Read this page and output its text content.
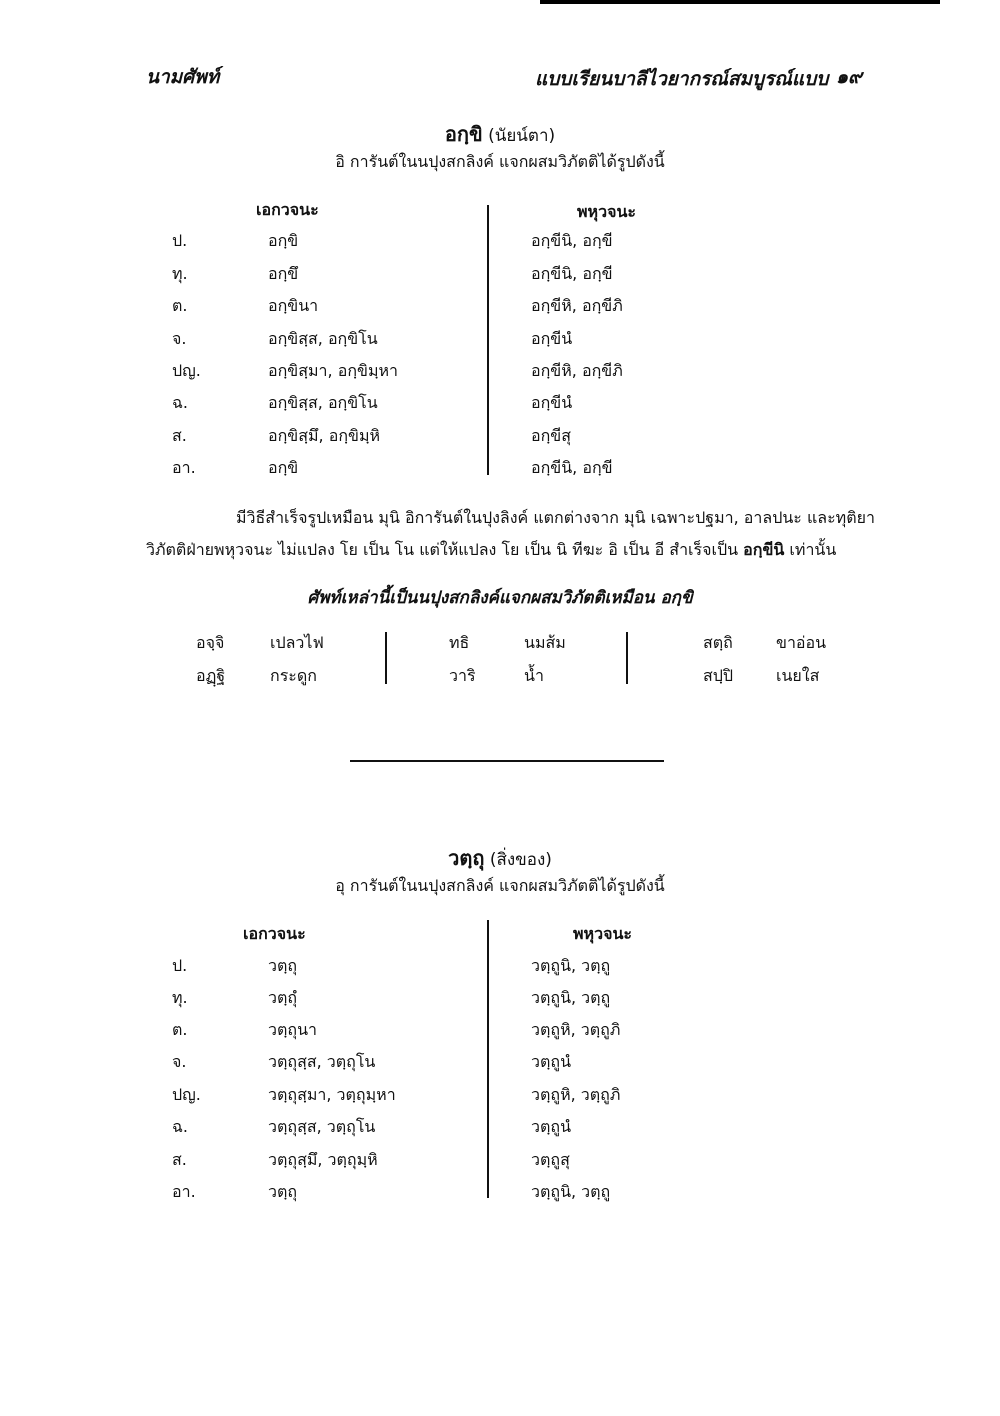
นามศัพท์	แบบเรียนบาลีไวยากรณ์สมบูรณ์แบบ ๑๙
อกฺขิ (นัยน์ตา)
อิ การันต์ในนปุงสกลิงค์ แจกผสมวิภัตติได้รูปดังนี้
เอกวจนะ	พหุวจนะ
ป.	อกฺขิ	อกฺขีนิ, อกฺขี
ทุ.	อกฺขึ	อกฺขีนิ, อกฺขี
ต.	อกฺขินา	อกฺขีหิ, อกฺขีภิ
จ.	อกฺขิสฺส, อกฺขิโน	อกฺขีนํ
ปญ.	อกฺขิสฺมา, อกฺขิมฺหา	อกฺขีหิ, อกฺขีภิ
ฉ.	อกฺขิสฺส, อกฺขิโน	อกฺขีนํ
ส.	อกฺขิสฺมึ, อกฺขิมฺหิ	อกฺขีสุ
อา.	อกฺขิ	อกฺขีนิ, อกฺขี
มีวิธีสำเร็จรูปเหมือน มุนิ อิการันต์ในปุงลิงค์ แตกต่างจาก มุนิ เฉพาะปฐมา, อาลปนะ และทุติยา
วิภัตติฝ่ายพหุวจนะ ไม่แปลง โย เป็น โน แต่ให้แปลง โย เป็น นิ ทีฆะ อิ เป็น อี สำเร็จเป็น อกฺขีนิ เท่านั้น
ศัพท์เหล่านี้เป็นนปุงสกลิงค์แจกผสมวิภัตติเหมือน อกฺขิ
อจฺจิ	เปลวไฟ	ทธิ	นมส้ม	สตฺถิ	ขาอ่อน
อฏฺฐิ	กระดูก	วาริ	น้ำ	สปฺปิ	เนยใส
วตฺถุ (สิ่งของ)
อุ การันต์ในนปุงสกลิงค์ แจกผสมวิภัตติได้รูปดังนี้
เอกวจนะ	พหุวจนะ
ป.	วตฺถุ	วตฺถูนิ, วตฺถู
ทุ.	วตฺถุํ	วตฺถูนิ, วตฺถู
ต.	วตฺถุนา	วตฺถูหิ, วตฺถูภิ
จ.	วตฺถุสฺส, วตฺถุโน	วตฺถูนํ
ปญ.	วตฺถุสฺมา, วตฺถุมฺหา	วตฺถูหิ, วตฺถูภิ
ฉ.	วตฺถุสฺส, วตฺถุโน	วตฺถูนํ
ส.	วตฺถุสฺมึ, วตฺถุมฺหิ	วตฺถูสุ
อา.	วตฺถุ	วตฺถูนิ, วตฺถู
